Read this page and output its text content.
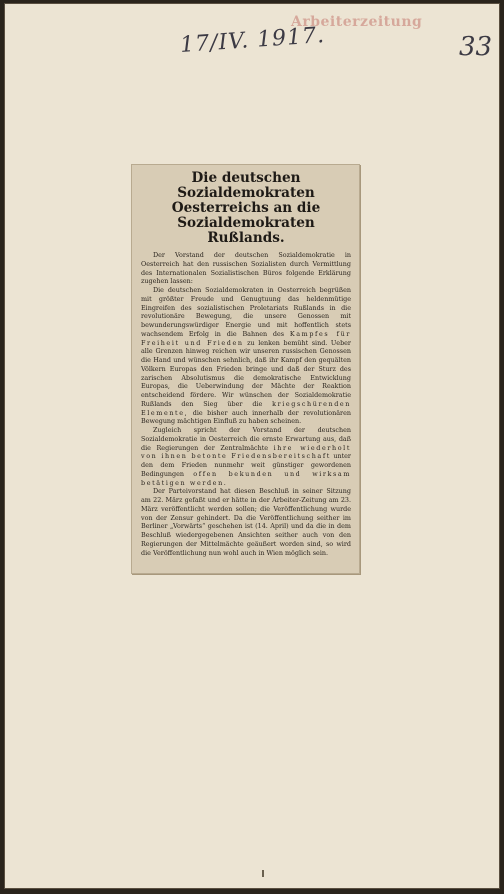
Arbeiterzeitung
17/IV. 1917.	33
Die deutschen Sozialdemokraten Oesterreichs an die Sozialdemokraten Rußlands.

Der Vorstand der deutschen Sozialdemokratie in Oesterreich hat den russischen Sozialisten durch Vermittlung des Internationalen Sozialistischen Büros folgende Erklärung zugehen lassen:

Die deutschen Sozialdemokraten in Oesterreich begrüßen mit größter Freude und Genugtuung das heldenmütige Eingreifen des sozialistischen Proletariats Rußlands in die revolutionäre Bewegung, die unsere Genossen mit bewunderungswürdiger Energie und mit hoffentlich stets wachsendem Erfolg in die Bahnen des Kampfes für Freiheit und Frieden zu lenken bemüht sind. Ueber alle Grenzen hinweg reichen wir unseren russischen Genossen die Hand und wünschen sehnlich, daß ihr Kampf den gequälten Völkern Europas den Frieden bringe und daß der Sturz des zarischen Absolutismus die demokratische Entwicklung Europas, die Ueberwindung der Mächte der Reaktion entscheidend fördere. Wir wünschen der Sozialdemokratie Rußlands den Sieg über die kriegschürenden Elemente, die bisher auch innerhalb der revolutionären Bewegung mächtigen Einfluß zu haben scheinen.

Zugleich spricht der Vorstand der deutschen Sozialdemokratie in Oesterreich die ernste Erwartung aus, daß die Regierungen der Zentralmächte ihre wiederholt von ihnen betonte Friedensbereitschaft unter den dem Frieden nunmehr weit günstiger gewordenen Bedingungen offen bekunden und wirksam betätigen werden.

Der Parteivorstand hat diesen Beschluß in seiner Sitzung am 22. März gefaßt und er hätte in der Arbeiter-Zeitung am 23. März veröffentlicht werden sollen; die Veröffentlichung wurde von der Zensur gehindert. Da die Veröffentlichung seither im Berliner „Vorwärts“ geschehen ist (14. April) und da die in dem Beschluß wiedergegebenen Ansichten seither auch von den Regierungen der Mittelmächte geäußert worden sind, so wird die Veröffentlichung nun wohl auch in Wien möglich sein.
